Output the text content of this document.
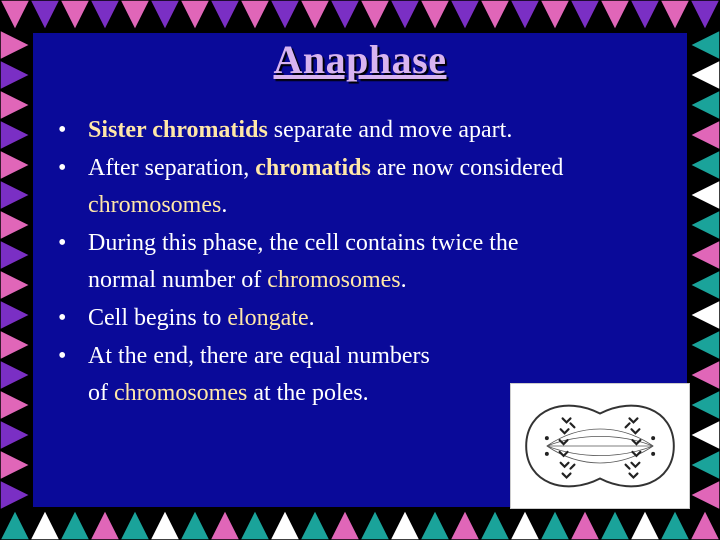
Anaphase
• Sister chromatids separate and move apart.
• After separation, chromatids are now considered
chromosomes.
• During this phase, the cell contains twice the
normal number of chromosomes.
• Cell begins to elongate.
• At the end, there are equal numbers
of chromosomes at the poles.
